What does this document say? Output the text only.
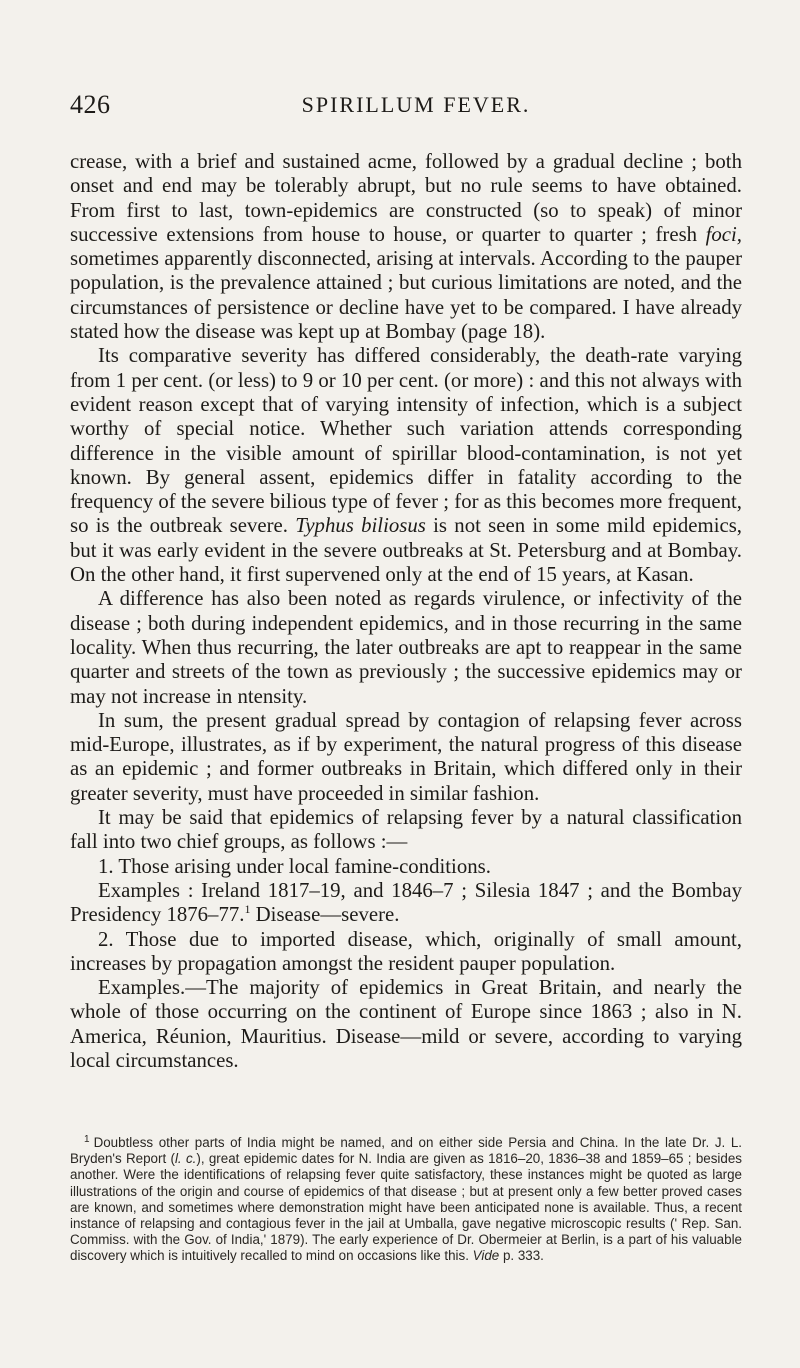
426	SPIRILLUM FEVER.

crease, with a brief and sustained acme, followed by a gradual decline ; both onset and end may be tolerably abrupt, but no rule seems to have obtained. From first to last, town-epidemics are constructed (so to speak) of minor successive extensions from house to house, or quarter to quarter ; fresh foci, sometimes apparently disconnected, arising at intervals. According to the pauper population, is the prevalence attained ; but curious limitations are noted, and the circumstances of persistence or decline have yet to be compared. I have already stated how the disease was kept up at Bombay (page 18).

Its comparative severity has differed considerably, the death-rate varying from 1 per cent. (or less) to 9 or 10 per cent. (or more) : and this not always with evident reason except that of varying intensity of infection, which is a subject worthy of special notice. Whether such variation attends corresponding difference in the visible amount of spirillar blood-contamination, is not yet known. By general assent, epidemics differ in fatality according to the frequency of the severe bilious type of fever ; for as this becomes more frequent, so is the outbreak severe. Typhus biliosus is not seen in some mild epidemics, but it was early evident in the severe outbreaks at St. Petersburg and at Bombay. On the other hand, it first supervened only at the end of 15 years, at Kasan.

A difference has also been noted as regards virulence, or infectivity of the disease ; both during independent epidemics, and in those recurring in the same locality. When thus recurring, the later outbreaks are apt to reappear in the same quarter and streets of the town as previously ; the successive epidemics may or may not increase in ntensity.

In sum, the present gradual spread by contagion of relapsing fever across mid-Europe, illustrates, as if by experiment, the natural progress of this disease as an epidemic ; and former outbreaks in Britain, which differed only in their greater severity, must have proceeded in similar fashion.

It may be said that epidemics of relapsing fever by a natural classification fall into two chief groups, as follows :—

1. Those arising under local famine-conditions.

Examples : Ireland 1817–19, and 1846–7 ; Silesia 1847 ; and the Bombay Presidency 1876–77.$^1$ Disease—severe.

2. Those due to imported disease, which, originally of small amount, increases by propagation amongst the resident pauper population.

Examples.—The majority of epidemics in Great Britain, and nearly the whole of those occurring on the continent of Europe since 1863 ; also in N. America, Réunion, Mauritius. Disease—mild or severe, according to varying local circumstances.

$^1$ Doubtless other parts of India might be named, and on either side Persia and China. In the late Dr. J. L. Bryden's Report (l. c.), great epidemic dates for N. India are given as 1816–20, 1836–38 and 1859–65 ; besides another. Were the identifications of relapsing fever quite satisfactory, these instances might be quoted as large illustrations of the origin and course of epidemics of that disease ; but at present only a few better proved cases are known, and sometimes where demonstration might have been anticipated none is available. Thus, a recent instance of relapsing and contagious fever in the jail at Umballa, gave negative microscopic results (' Rep. San. Commiss. with the Gov. of India,' 1879). The early experience of Dr. Obermeier at Berlin, is a part of his valuable discovery which is intuitively recalled to mind on occasions like this. Vide p. 333.
